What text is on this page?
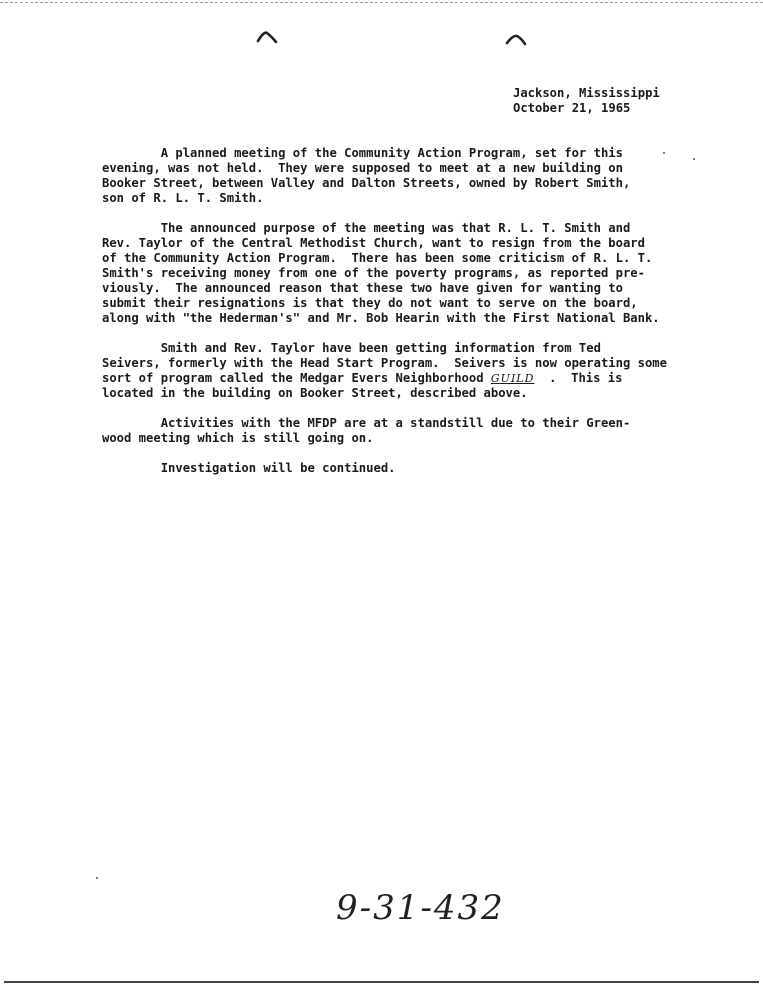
Jackson, Mississippi
October 21, 1965
A planned meeting of the Community Action Program, set for this
evening, was not held.  They were supposed to meet at a new building on
Booker Street, between Valley and Dalton Streets, owned by Robert Smith,
son of R. L. T. Smith.
The announced purpose of the meeting was that R. L. T. Smith and
Rev. Taylor of the Central Methodist Church, want to resign from the board
of the Community Action Program.  There has been some criticism of R. L. T.
Smith's receiving money from one of the poverty programs, as reported pre-
viously.  The announced reason that these two have given for wanting to
submit their resignations is that they do not want to serve on the board,
along with "the Hederman's" and Mr. Bob Hearin with the First National Bank.
Smith and Rev. Taylor have been getting information from Ted
Seivers, formerly with the Head Start Program.  Seivers is now operating some
sort of program called the Medgar Evers Neighborhood GUILD  .  This is
located in the building on Booker Street, described above.
Activities with the MFDP are at a standstill due to their Green-
wood meeting which is still going on.
Investigation will be continued.
9-31-432
